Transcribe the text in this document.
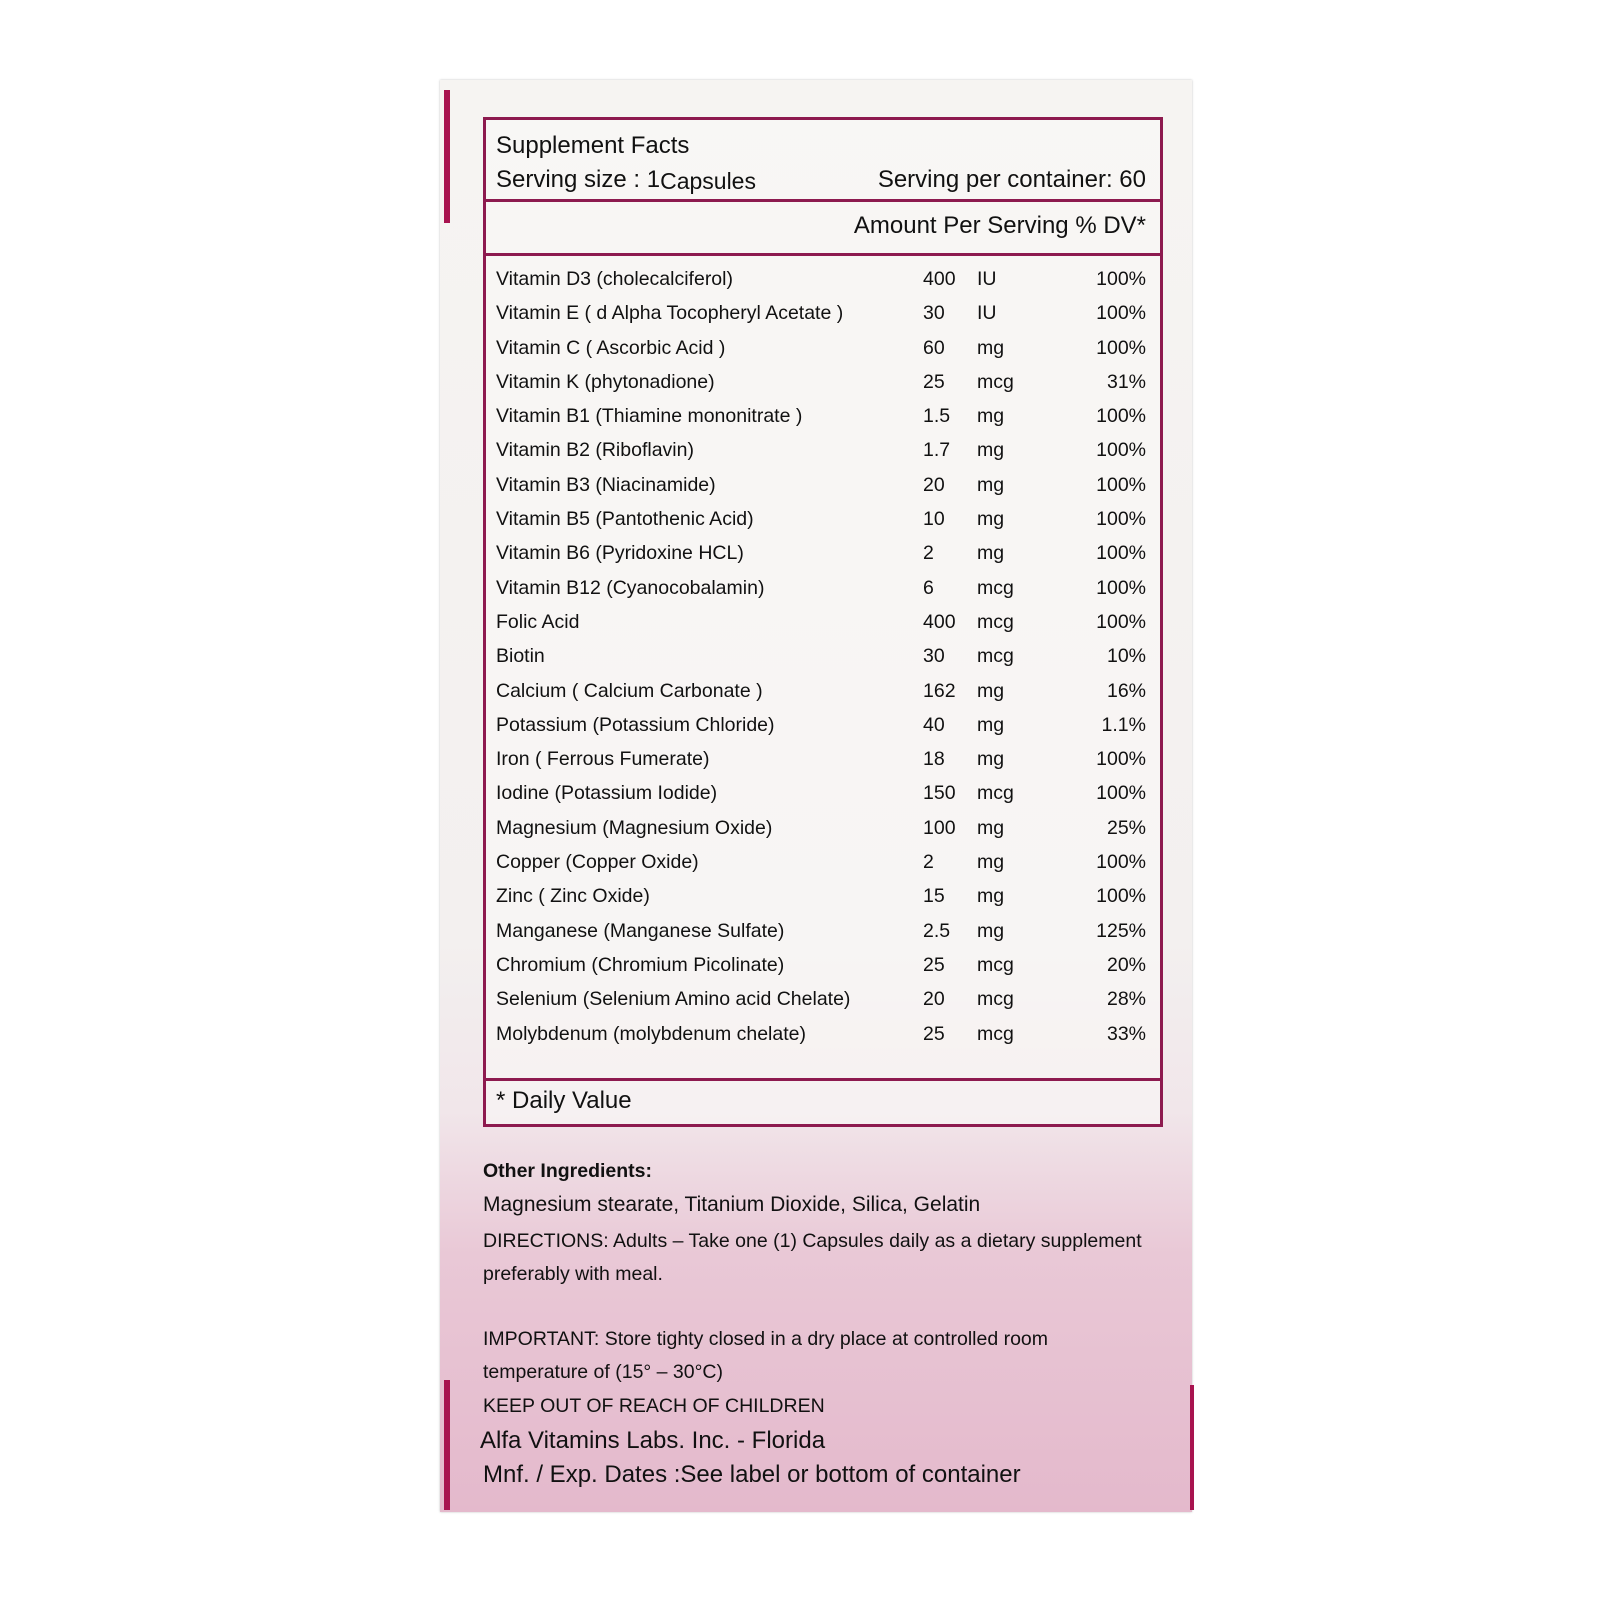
Supplement Facts
Serving size : 1Capsules	Serving per container: 60
Amount Per Serving % DV*
Vitamin D3 (cholecalciferol)	400 IU	100%
Vitamin E ( d Alpha Tocopheryl Acetate )	30 IU	100%
Vitamin C ( Ascorbic Acid )	60 mg	100%
Vitamin K (phytonadione)	25 mcg	31%
Vitamin B1 (Thiamine mononitrate )	1.5 mg	100%
Vitamin B2 (Riboflavin)	1.7 mg	100%
Vitamin B3 (Niacinamide)	20 mg	100%
Vitamin B5 (Pantothenic Acid)	10 mg	100%
Vitamin B6 (Pyridoxine HCL)	2 mg	100%
Vitamin B12 (Cyanocobalamin)	6 mcg	100%
Folic Acid	400 mcg	100%
Biotin	30 mcg	10%
Calcium ( Calcium Carbonate )	162 mg	16%
Potassium (Potassium Chloride)	40 mg	1.1%
Iron ( Ferrous Fumerate)	18 mg	100%
Iodine (Potassium Iodide)	150 mcg	100%
Magnesium (Magnesium Oxide)	100 mg	25%
Copper (Copper Oxide)	2 mg	100%
Zinc ( Zinc Oxide)	15 mg	100%
Manganese (Manganese Sulfate)	2.5 mg	125%
Chromium (Chromium Picolinate)	25 mcg	20%
Selenium (Selenium Amino acid Chelate)	20 mcg	28%
Molybdenum (molybdenum chelate)	25 mcg	33%
* Daily Value
Other Ingredients:
Magnesium stearate, Titanium Dioxide, Silica, Gelatin
DIRECTIONS: Adults – Take one (1) Capsules daily as a dietary supplement
preferably with meal.
IMPORTANT: Store tighty closed in a dry place at controlled room
temperature of (15° – 30°C)
KEEP OUT OF REACH OF CHILDREN
Alfa Vitamins Labs. Inc. - Florida
Mnf. / Exp. Dates :See label or bottom of container
